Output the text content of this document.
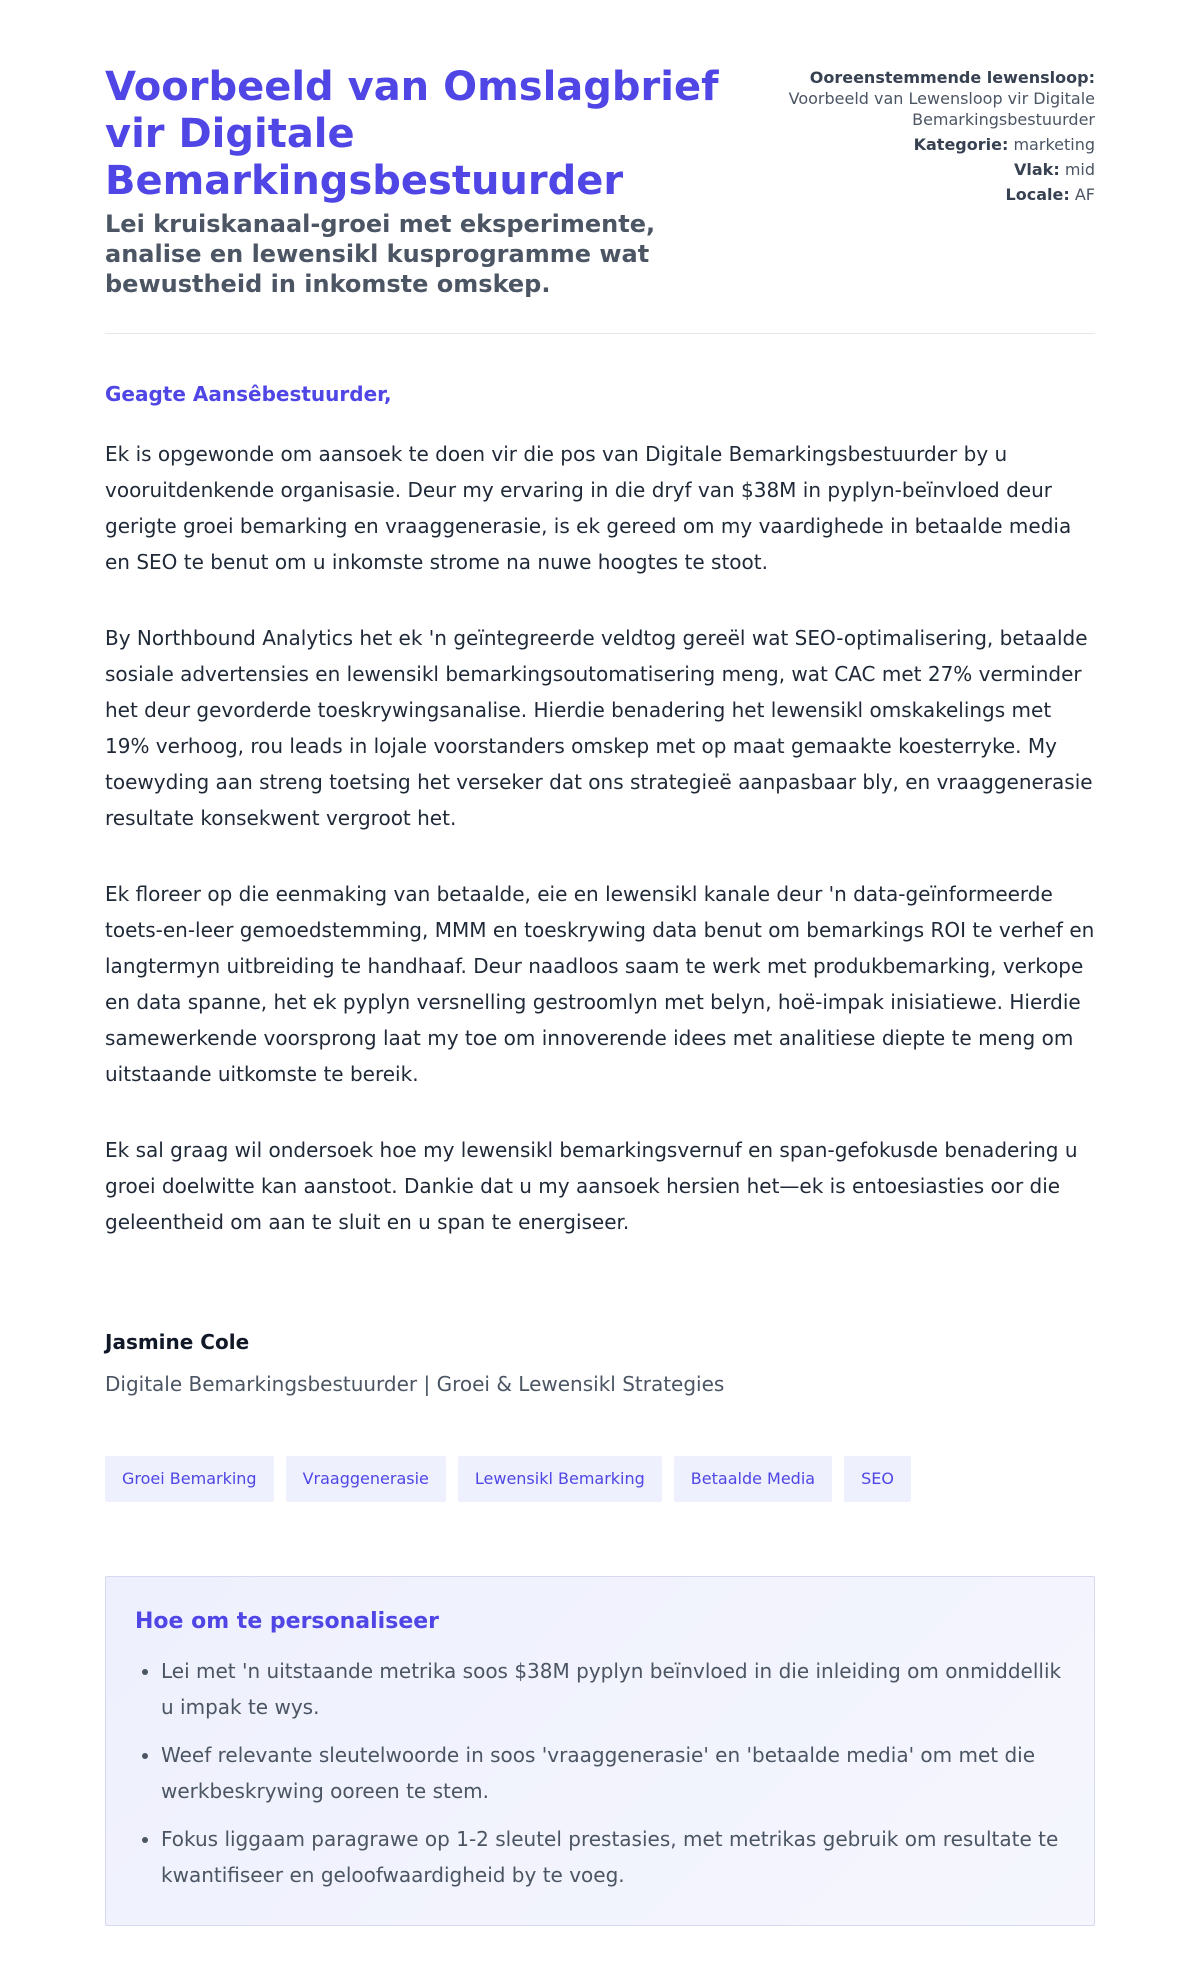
Voorbeeld van Omslagbrief vir Digitale Bemarkingsbestuurder
Lei kruiskanaal-groei met eksperimente, analise en lewensikl kusprogramme wat bewustheid in inkomste omskep.
Ooreenstemmende lewensloop:
Voorbeeld van Lewensloop vir Digitale Bemarkingsbestuurder
Kategorie: marketing
Vlak: mid
Locale: AF

Geagte Aansêbestuurder,

Ek is opgewonde om aansoek te doen vir die pos van Digitale Bemarkingsbestuurder by u vooruitdenkende organisasie. Deur my ervaring in die dryf van $38M in pyplyn-beïnvloed deur gerigte groei bemarking en vraaggenerasie, is ek gereed om my vaardighede in betaalde media en SEO te benut om u inkomste strome na nuwe hoogtes te stoot.

By Northbound Analytics het ek 'n geïntegreerde veldtog gereël wat SEO-optimalisering, betaalde sosiale advertensies en lewensikl bemarkingsoutomatisering meng, wat CAC met 27% verminder het deur gevorderde toeskrywingsanalise. Hierdie benadering het lewensikl omskakelings met 19% verhoog, rou leads in lojale voorstanders omskep met op maat gemaakte koesterryke. My toewyding aan streng toetsing het verseker dat ons strategieë aanpasbaar bly, en vraaggenerasie resultate konsekwent vergroot het.

Ek floreer op die eenmaking van betaalde, eie en lewensikl kanale deur 'n data-geïnformeerde toets-en-leer gemoedstemming, MMM en toeskrywing data benut om bemarkings ROI te verhef en langtermyn uitbreiding te handhaaf. Deur naadloos saam te werk met produkbemarking, verkope en data spanne, het ek pyplyn versnelling gestroomlyn met belyn, hoë-impak inisiatiewe. Hierdie samewerkende voorsprong laat my toe om innoverende idees met analitiese diepte te meng om uitstaande uitkomste te bereik.

Ek sal graag wil ondersoek hoe my lewensikl bemarkingsvernuf en span-gefokusde benadering u groei doelwitte kan aanstoot. Dankie dat u my aansoek hersien het—ek is entoesiasties oor die geleentheid om aan te sluit en u span te energiseer.

Jasmine Cole
Digitale Bemarkingsbestuurder | Groei & Lewensikl Strategies
Groei Bemarking	Vraaggenerasie	Lewensikl Bemarking	Betaalde Media	SEO
Hoe om te personaliseer
• Lei met 'n uitstaande metrika soos $38M pyplyn beïnvloed in die inleiding om onmiddellik u impak te wys.
• Weef relevante sleutelwoorde in soos 'vraaggenerasie' en 'betaalde media' om met die werkbeskrywing ooreen te stem.
• Fokus liggaam paragrawe op 1-2 sleutel prestasies, met metrikas gebruik om resultate te kwantifiseer en geloofwaardigheid by te voeg.
